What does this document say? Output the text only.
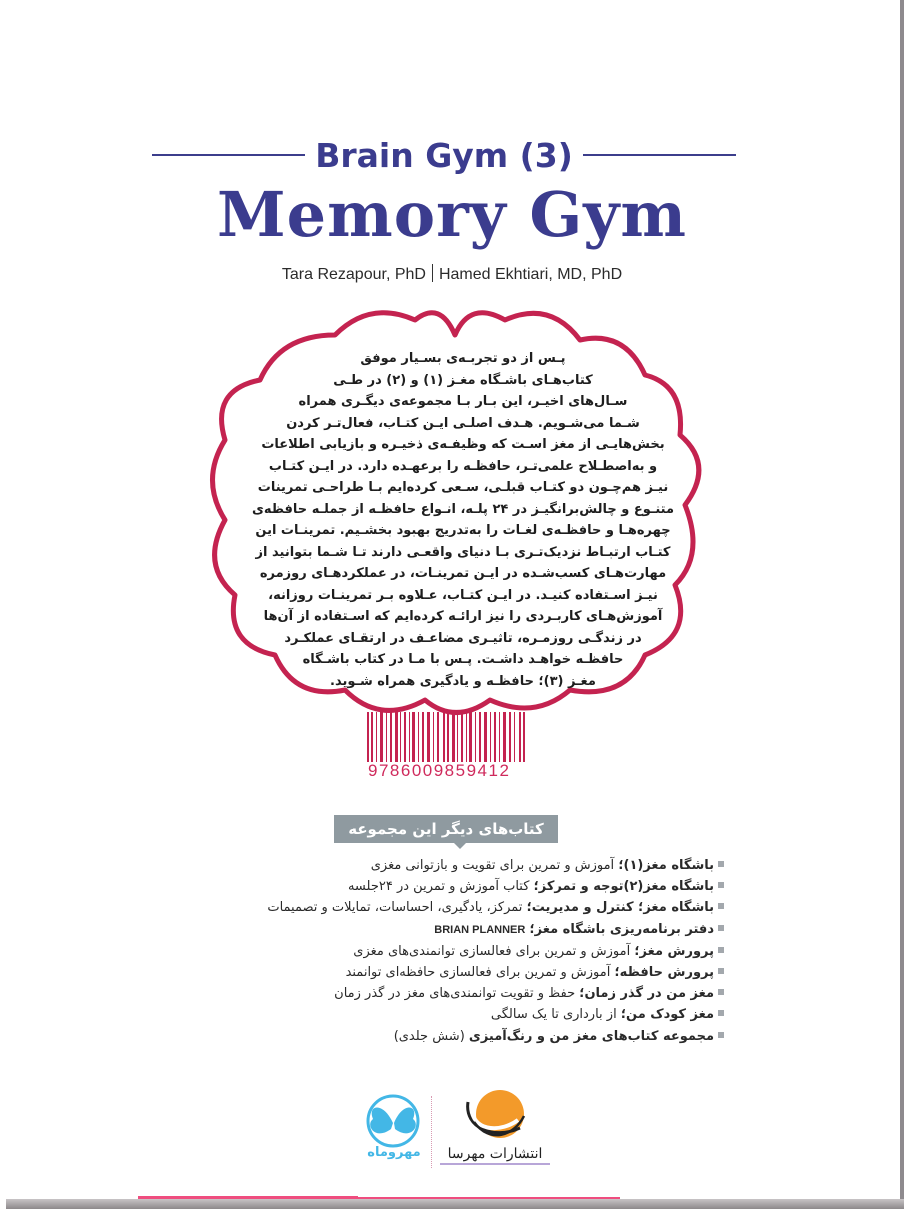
Brain Gym (3)
Memory Gym
Tara Rezapour, PhD Hamed Ekhtiari, MD, PhD
پـس از دو تجربـه‌ی بسـیار موفق
کتاب‌هـای باشـگاه مغـز (۱) و (۲) در طـی
سـال‌های اخیـر، این بـار بـا مجموعه‌ی دیگـری همراه
شـما می‌شـویم. هـدف اصلـی ایـن کتـاب، فعال‌تـر کردن
بخش‌هایـی از مغز اسـت که وظیفـه‌ی ذخیـره و بازیابی اطلاعات
و به‌اصطـلاح علمی‌تـر، حافظـه را برعهـده دارد. در ایـن کتـاب
نیـز هم‌چـون دو کتـاب قبلـی، سـعی کرده‌ایم بـا طراحـی تمرینات
متنـوع و چالش‌برانگیـز در ۲۴ پلـه، انـواع حافظـه از جملـه حافظه‌ی
چهره‌هـا و حافظـه‌ی لغـات را به‌تدریج بهبود بخشـیم. تمرینـات این
کتـاب ارتبـاط نزدیک‌تـری بـا دنیای واقعـی دارند تـا شـما بتوانید از
مهارت‌هـای کسب‌شـده در ایـن تمرینـات، در عملکردهـای روزمره
نیـز اسـتفاده کنیـد. در ایـن کتـاب، عـلاوه بـر تمرینـات روزانه،
آموزش‌هـای کاربـردی را نیز ارائـه کرده‌ایم که اسـتفاده از آن‌ها
در زندگـی روزمـره، تاثیـری مضاعـف در ارتقـای عملکـرد
حافظـه خواهـد داشـت. پـس با مـا در کتاب باشـگاه
مغـز (۳)؛ حافظـه و یادگیری همراه شـوید.
9786009859412
کتاب‌های دیگر این مجموعه
باشگاه مغز(۱)؛ آموزش و تمرین برای تقویت و بازتوانی مغزی
باشگاه مغز(۲)توجه و تمرکز؛ کتاب آموزش و تمرین در ۲۴جلسه
باشگاه مغز؛ کنترل و مدیریت؛ تمرکز، یادگیری، احساسات، تمایلات و تصمیمات
دفتر برنامه‌ریزی باشگاه مغز؛ BRIAN PLANNER
پرورش مغز؛ آموزش و تمرین برای فعالسازی توانمندی‌های مغزی
پرورش حافظه؛ آموزش و تمرین برای فعالسازی حافظه‌ای توانمند
مغز من در گذر زمان؛ حفظ و تقویت توانمندی‌های مغز در گذر زمان
مغز کودک من؛ از بارداری تا یک سالگی
مجموعه کتاب‌های مغز من و رنگ‌آمیزی (شش جلدی)
مهروماه	انتشارات مهرسا
